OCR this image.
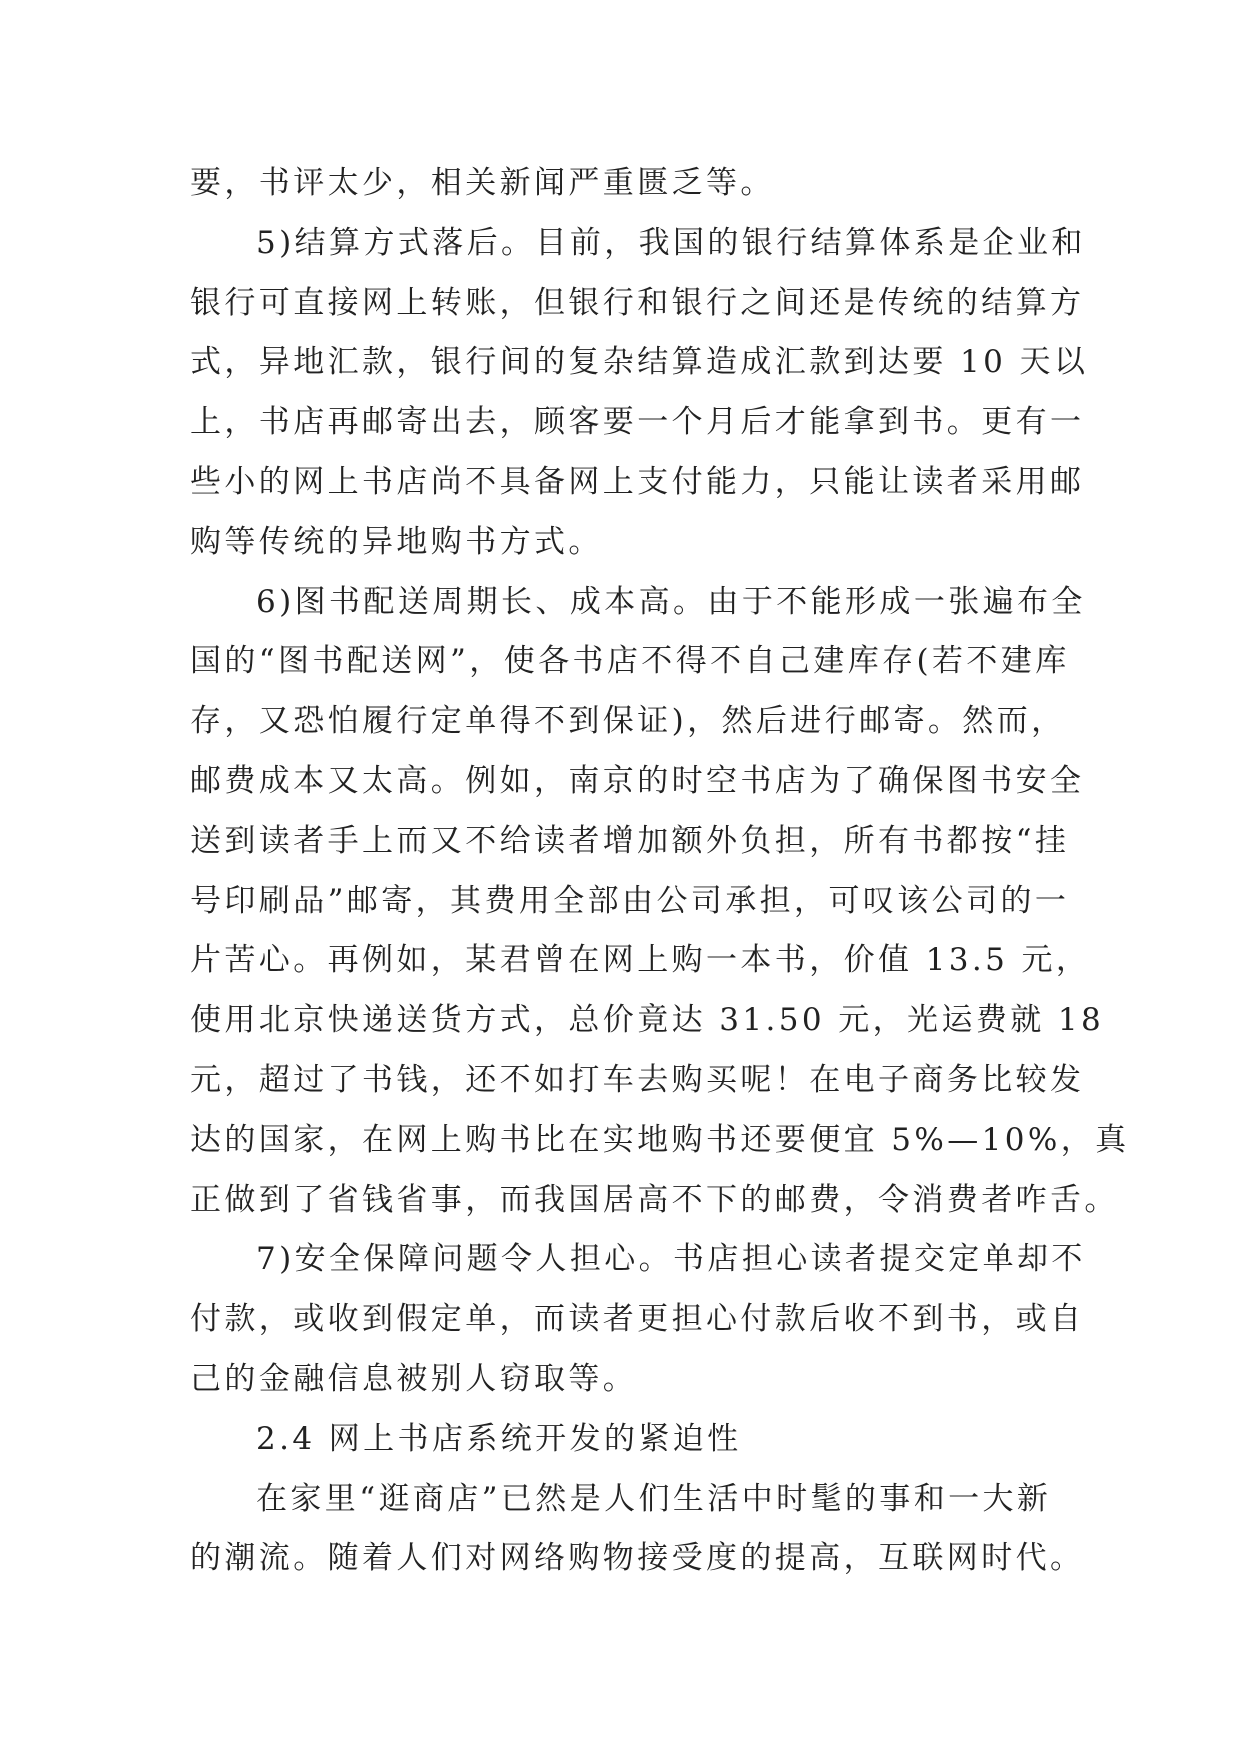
要，书评太少，相关新闻严重匮乏等。
5)结算方式落后。目前，我国的银行结算体系是企业和
银行可直接网上转账，但银行和银行之间还是传统的结算方
式，异地汇款，银行间的复杂结算造成汇款到达要 10 天以
上，书店再邮寄出去，顾客要一个月后才能拿到书。更有一
些小的网上书店尚不具备网上支付能力，只能让读者采用邮
购等传统的异地购书方式。
6)图书配送周期长、成本高。由于不能形成一张遍布全
国的“图书配送网”，使各书店不得不自己建库存(若不建库
存，又恐怕履行定单得不到保证)，然后进行邮寄。然而，
邮费成本又太高。例如，南京的时空书店为了确保图书安全
送到读者手上而又不给读者增加额外负担，所有书都按“挂
号印刷品”邮寄，其费用全部由公司承担，可叹该公司的一
片苦心。再例如，某君曾在网上购一本书，价值 13.5 元，
使用北京快递送货方式，总价竟达 31.50 元，光运费就 18
元，超过了书钱，还不如打车去购买呢！在电子商务比较发
达的国家，在网上购书比在实地购书还要便宜 5%—10%，真
正做到了省钱省事，而我国居高不下的邮费，令消费者咋舌。
7)安全保障问题令人担心。书店担心读者提交定单却不
付款，或收到假定单，而读者更担心付款后收不到书，或自
己的金融信息被别人窃取等。
2.4 网上书店系统开发的紧迫性
在家里“逛商店”已然是人们生活中时髦的事和一大新
的潮流。随着人们对网络购物接受度的提高，互联网时代。
